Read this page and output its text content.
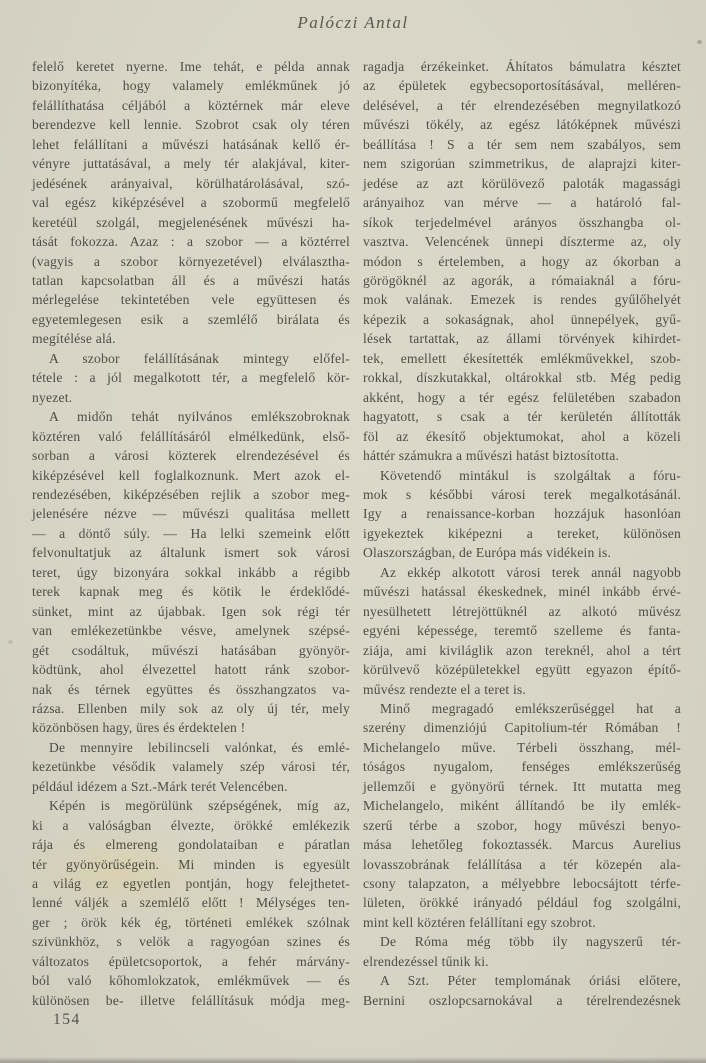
Palóczi Antal
felelő keretet nyerne. Ime tehát, e példa annak
bizonyítéka, hogy valamely emlékműnek jó
felállíthatása céljából a köztérnek már eleve
berendezve kell lennie. Szobrot csak oly téren
lehet felállítani a művészi hatásának kellő ér-
vényre juttatásával, a mely tér alakjával, kiter-
jedésének arányaival, körülhatárolásával, szó-
val egész kiképzésével a szobormű megfelelő
keretéül szolgál, megjelenésének művészi ha-
tását fokozza. Azaz : a szobor — a köztérrel
(vagyis a szobor környezetével) elválasztha-
tatlan kapcsolatban áll és a művészi hatás
mérlegelése tekintetében vele együttesen és
egyetemlegesen esik a szemlélő birálata és
megítélése alá.
A szobor felállításának mintegy előfel-
tétele : a jól megalkotott tér, a megfelelő kör-
nyezet.
A midőn tehát nyilvános emlékszobroknak
köztéren való felállításáról elmélkedünk, első-
sorban a városi közterek elrendezésével és
kiképzésével kell foglalkoznunk. Mert azok el-
rendezésében, kiképzésében rejlik a szobor meg-
jelenésére nézve — művészi qualitása mellett
— a döntő súly. — Ha lelki szemeink előtt
felvonultatjuk az általunk ismert sok városi
teret, úgy bizonyára sokkal inkább a régibb
terek kapnak meg és kötik le érdeklődé-
sünket, mint az újabbak. Igen sok régi tér
van emlékezetünkbe vésve, amelynek szépsé-
gét csodáltuk, művészi hatásában gyönyör-
ködtünk, ahol élvezettel hatott ránk szobor-
nak és térnek együttes és összhangzatos va-
rázsa. Ellenben mily sok az oly új tér, mely
közönbösen hagy, üres és érdektelen !
De mennyire lebilincseli valónkat, és emlé-
kezetünkbe vésődik valamely szép városi tér,
például idézem a Szt.-Márk terét Velencében.
Képén is megörülünk szépségének, míg az,
ki a valóságban élvezte, örökké emlékezik
rája és elmereng gondolataiban e páratlan
tér gyönyörűségein. Mi minden is egyesült
a világ ez egyetlen pontján, hogy felejthetet-
lenné váljék a szemlélő előtt ! Mélységes ten-
ger ; örök kék ég, történeti emlékek szólnak
szivünkhöz, s velök a ragyogóan szines és
változatos épületcsoportok, a fehér márvány-
ból való kőhomlokzatok, emlékművek — és
különösen be- illetve felállításuk módja meg-
ragadja érzékeinket. Áhítatos bámulatra késztet
az épületek egybecsoportosításával, melléren-
delésével, a tér elrendezésében megnyilatkozó
művészi tökély, az egész látóképnek művészi
beállítása ! S a tér sem nem szabályos, sem
nem szigorúan szimmetrikus, de alaprajzi kiter-
jedése az azt körülövező paloták magassági
arányaihoz van mérve — a határoló fal-
síkok terjedelmével arányos összhangba ol-
vasztva. Velencének ünnepi díszterme az, oly
módon s értelemben, a hogy az ókorban a
görögöknél az agorák, a rómaiaknál a fóru-
mok valának. Emezek is rendes gyűlőhelyét
képezik a sokaságnak, ahol ünnepélyek, gyű-
lések tartattak, az állami törvények kihirdet-
tek, emellett ékesítették emlékművekkel, szob-
rokkal, díszkutakkal, oltárokkal stb. Még pedig
akként, hogy a tér egész felületében szabadon
hagyatott, s csak a tér kerületén állították
föl az ékesítő objektumokat, ahol a közeli
háttér számukra a művészi hatást biztosította.
Követendő mintákul is szolgáltak a fóru-
mok s későbbi városi terek megalkotásánál.
Igy a renaissance-korban hozzájuk hasonlóan
igyekeztek kiképezni a tereket, különösen
Olaszországban, de Európa más vidékein is.
Az ekkép alkotott városi terek annál nagyobb
művészi hatással ékeskednek, minél inkább érvé-
nyesülhetett létrejöttüknél az alkotó művész
egyéni képessége, teremtő szelleme és fanta-
ziája, ami kiviláglik azon tereknél, ahol a tért
körülvevő középületekkel együtt egyazon építő-
művész rendezte el a teret is.
Minő megragadó emlékszerűséggel hat a
szerény dimenziójú Capitolium-tér Rómában !
Michelangelo műve. Térbeli összhang, mél-
tóságos nyugalom, fenséges emlékszerűség
jellemzői e gyönyörű térnek. Itt mutatta meg
Michelangelo, miként állítandó be ily emlék-
szerű térbe a szobor, hogy művészi benyo-
mása lehetőleg fokoztassék. Marcus Aurelius
lovasszobrának felállítása a tér közepén ala-
csony talapzaton, a mélyebbre lebocsájtott térfe-
lületen, örökké irányadó például fog szolgálni,
mint kell köztéren felállítani egy szobrot.
De Róma még több ily nagyszerű tér-
elrendezéssel tűnik ki.
A Szt. Péter templomának óriási előtere,
Bernini oszlopcsarnokával a térelrendezésnek
154
